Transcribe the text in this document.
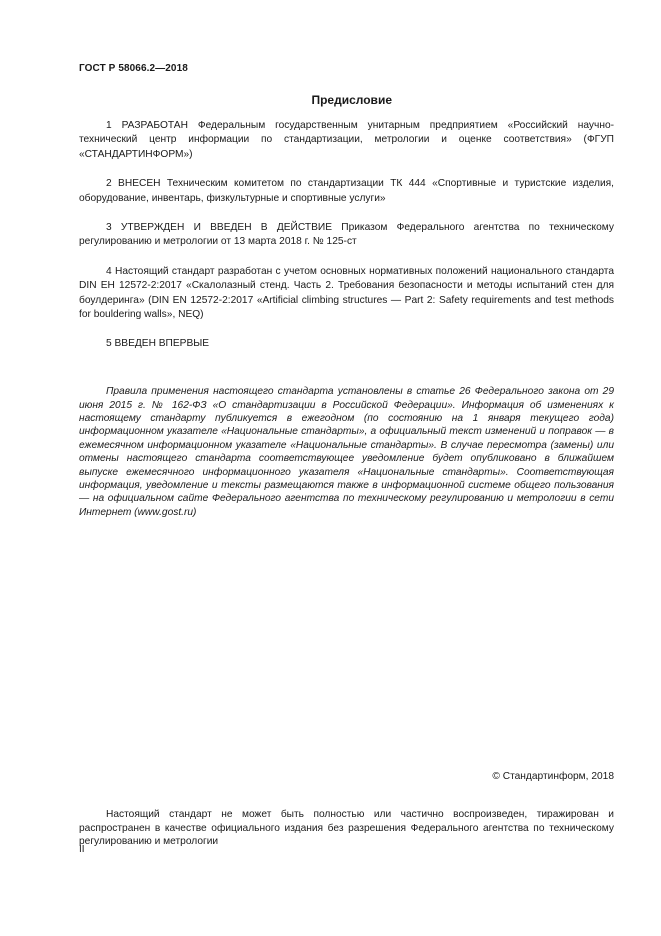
ГОСТ Р 58066.2—2018
Предисловие

1 РАЗРАБОТАН Федеральным государственным унитарным предприятием «Российский научно-технический центр информации по стандартизации, метрологии и оценке соответствия» (ФГУП «СТАНДАРТИНФОРМ»)

2 ВНЕСЕН Техническим комитетом по стандартизации ТК 444 «Спортивные и туристские изделия, оборудование, инвентарь, физкультурные и спортивные услуги»

3 УТВЕРЖДЕН И ВВЕДЕН В ДЕЙСТВИЕ Приказом Федерального агентства по техническому регулированию и метрологии от 13 марта 2018 г. № 125-ст

4 Настоящий стандарт разработан с учетом основных нормативных положений национального стандарта DIN EH 12572-2:2017 «Скалолазный стенд. Часть 2. Требования безопасности и методы испытаний стен для боулдеринга» (DIN EN 12572-2:2017 «Artificial climbing structures — Part 2: Safety requirements and test methods for bouldering walls», NEQ)

5 ВВЕДЕН ВПЕРВЫЕ

Правила применения настоящего стандарта установлены в статье 26 Федерального закона от 29 июня 2015 г. № 162-ФЗ «О стандартизации в Российской Федерации». Информация об изменениях к настоящему стандарту публикуется в ежегодном (по состоянию на 1 января текущего года) информационном указателе «Национальные стандарты», а официальный текст изменений и поправок — в ежемесячном информационном указателе «Национальные стандарты». В случае пересмотра (замены) или отмены настоящего стандарта соответствующее уведомление будет опубликовано в ближайшем выпуске ежемесячного информационного указателя «Национальные стандарты». Соответствующая информация, уведомление и тексты размещаются также в информационной системе общего пользования — на официальном сайте Федерального агентства по техническому регулированию и метрологии в сети Интернет (www.gost.ru)

© Стандартинформ, 2018

Настоящий стандарт не может быть полностью или частично воспроизведен, тиражирован и распространен в качестве официального издания без разрешения Федерального агентства по техническому регулированию и метрологии

II
